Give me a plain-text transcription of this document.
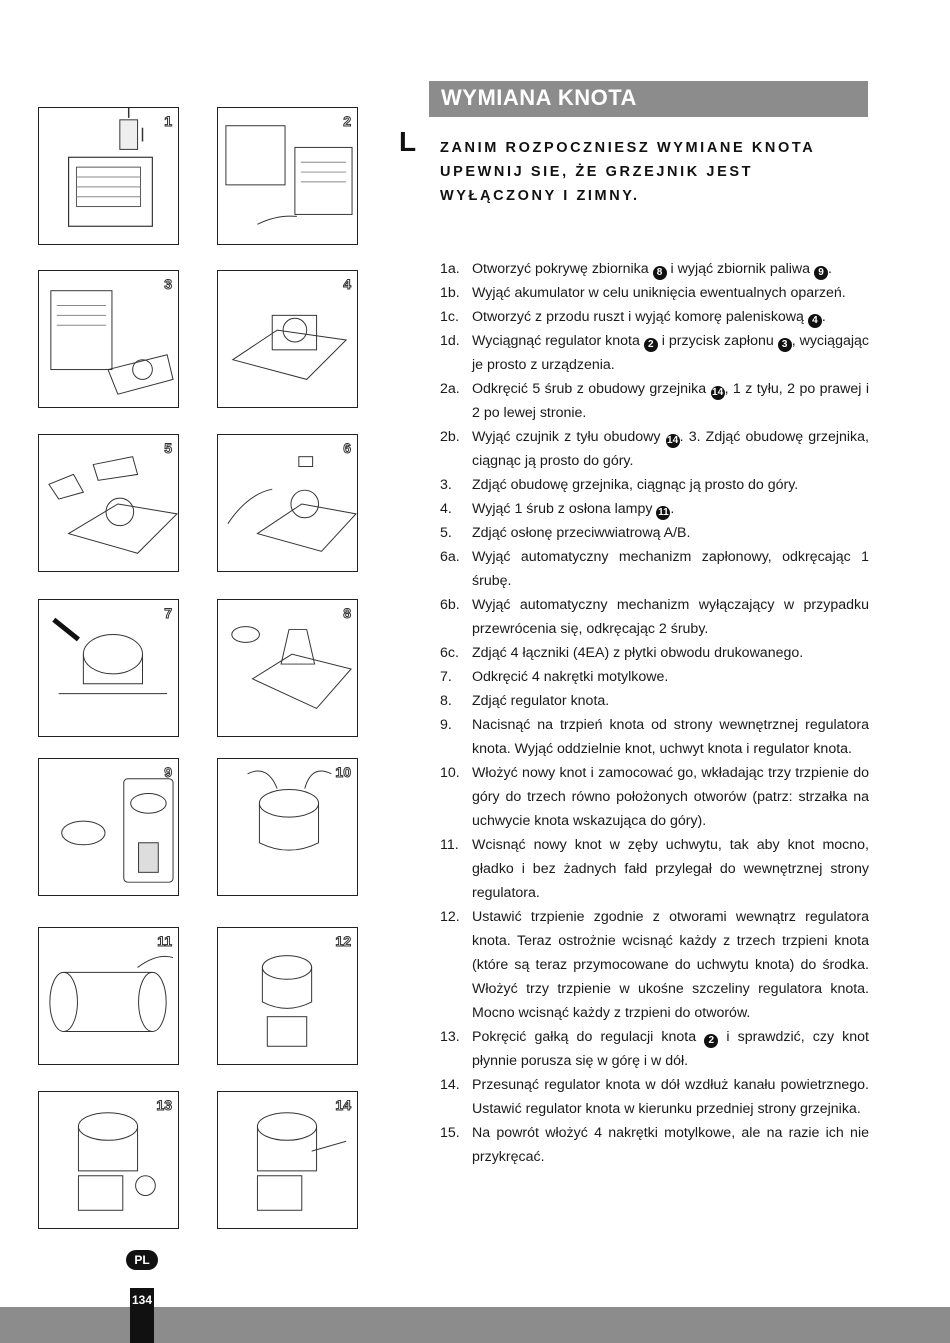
1	2
3	4
5	6
7	8
9	10
11	12
13	14
WYMIANA KNOTA
L ZANIM ROZPOCZNIESZ WYMIANE KNOTA
UPEWNIJ SIE, ŻE GRZEJNIK JEST
WYŁĄCZONY I ZIMNY.
1a. Otworzyć pokrywę zbiornika 8 i wyjąć zbiornik paliwa 9 .
1b. Wyjąć akumulator w celu uniknięcia ewentualnych oparzeń.
1c. Otworzyć z przodu ruszt i wyjąć komorę paleniskową 4 .
1d. Wyciągnąć regulator knota 2 i przycisk zapłonu 3 , wyciągając je prosto z urządzenia.
2a. Odkręcić 5 śrub z obudowy grzejnika 14, 1 z tyłu, 2 po prawej i 2 po lewej stronie.
2b. Wyjąć czujnik z tyłu obudowy 14. 3. Zdjąć obudowę grzejnika, ciągnąc ją prosto do góry.
3. Zdjąć obudowę grzejnika, ciągnąc ją prosto do góry.
4. Wyjąć 1 śrub z osłona lampy 11 .
5. Zdjąć osłonę przeciwwiatrową A/B.
6a. Wyjąć automatyczny mechanizm zapłonowy, odkręcając 1 śrubę.
6b. Wyjąć automatyczny mechanizm wyłączający w przypadku przewrócenia się, odkręcając 2 śruby.
6c. Zdjąć 4 łączniki (4EA) z płytki obwodu drukowanego.
7. Odkręcić 4 nakrętki motylkowe.
8. Zdjąć regulator knota.
9. Nacisnąć na trzpień knota od strony wewnętrznej regulatora knota. Wyjąć oddzielnie knot, uchwyt knota i regulator knota.
10. Włożyć nowy knot i zamocować go, wkładając trzy trzpienie do góry do trzech równo położonych otworów (patrz: strzałka na uchwycie knota wskazująca do góry).
11. Wcisnąć nowy knot w zęby uchwytu, tak aby knot mocno, gładko i bez żadnych fałd przylegał do wewnętrznej strony regulatora.
12. Ustawić trzpienie zgodnie z otworami wewnątrz regulatora knota. Teraz ostrożnie wcisnąć każdy z trzech trzpieni knota (które są teraz przymocowane do uchwytu knota) do środka. Włożyć trzy trzpienie w ukośne szczeliny regulatora knota. Mocno wcisnąć każdy z trzpieni do otworów.
13. Pokręcić gałką do regulacji knota 2 i sprawdzić, czy knot płynnie porusza się w górę i w dół.
14. Przesunąć regulator knota w dół wzdłuż kanału powietrznego. Ustawić regulator knota w kierunku przedniej strony grzejnika.
15. Na powrót włożyć 4 nakrętki motylkowe, ale na razie ich nie przykręcać.
PL
134
